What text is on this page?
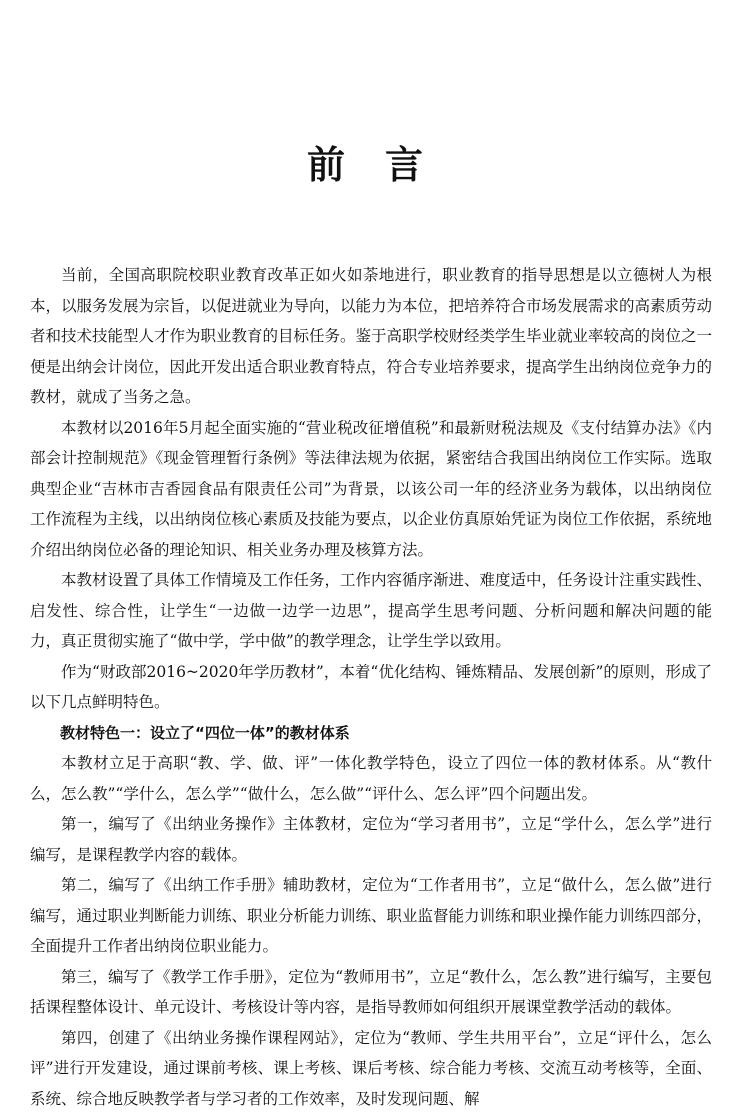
前言

当前，全国高职院校职业教育改革正如火如荼地进行，职业教育的指导思想是以立德树人为根本，以服务发展为宗旨，以促进就业为导向，以能力为本位，把培养符合市场发展需求的高素质劳动者和技术技能型人才作为职业教育的目标任务。鉴于高职学校财经类学生毕业就业率较高的岗位之一便是出纳会计岗位，因此开发出适合职业教育特点，符合专业培养要求，提高学生出纳岗位竞争力的教材，就成了当务之急。

本教材以2016年5月起全面实施的“营业税改征增值税”和最新财税法规及《支付结算办法》《内部会计控制规范》《现金管理暂行条例》等法律法规为依据，紧密结合我国出纳岗位工作实际。选取典型企业“吉林市吉香园食品有限责任公司”为背景，以该公司一年的经济业务为载体，以出纳岗位工作流程为主线，以出纳岗位核心素质及技能为要点，以企业仿真原始凭证为岗位工作依据，系统地介绍出纳岗位必备的理论知识、相关业务办理及核算方法。

本教材设置了具体工作情境及工作任务，工作内容循序渐进、难度适中，任务设计注重实践性、启发性、综合性，让学生“一边做一边学一边思”，提高学生思考问题、分析问题和解决问题的能力，真正贯彻实施了“做中学，学中做”的教学理念，让学生学以致用。

作为“财政部2016~2020年学历教材”，本着“优化结构、锤炼精品、发展创新”的原则，形成了以下几点鲜明特色。

教材特色一：设立了“四位一体”的教材体系

本教材立足于高职“教、学、做、评”一体化教学特色，设立了四位一体的教材体系。从“教什么，怎么教”“学什么，怎么学”“做什么，怎么做”“评什么、怎么评”四个问题出发。

第一，编写了《出纳业务操作》主体教材，定位为“学习者用书”，立足“学什么，怎么学”进行编写，是课程教学内容的载体。

第二，编写了《出纳工作手册》辅助教材，定位为“工作者用书”，立足“做什么，怎么做”进行编写，通过职业判断能力训练、职业分析能力训练、职业监督能力训练和职业操作能力训练四部分，全面提升工作者出纳岗位职业能力。

第三，编写了《教学工作手册》，定位为“教师用书”，立足“教什么，怎么教”进行编写，主要包括课程整体设计、单元设计、考核设计等内容，是指导教师如何组织开展课堂教学活动的载体。

第四，创建了《出纳业务操作课程网站》，定位为“教师、学生共用平台”，立足“评什么，怎么评”进行开发建设，通过课前考核、课上考核、课后考核、综合能力考核、交流互动考核等，全面、系统、综合地反映教学者与学习者的工作效率，及时发现问题、解
